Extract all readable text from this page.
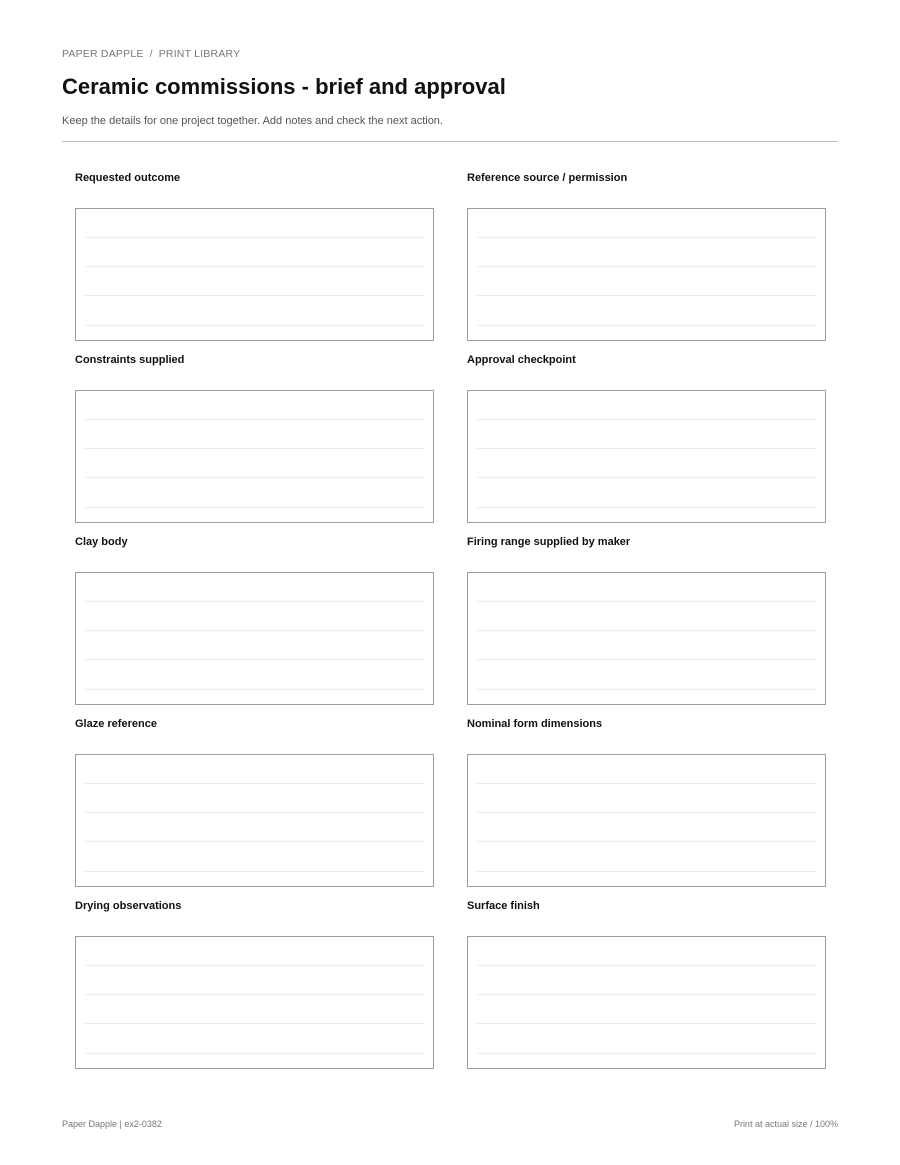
PAPER DAPPLE / PRINT LIBRARY
Ceramic commissions - brief and approval
Keep the details for one project together. Add notes and check the next action.
Requested outcome	Reference source / permission
Constraints supplied	Approval checkpoint
Clay body	Firing range supplied by maker
Glaze reference	Nominal form dimensions
Drying observations	Surface finish
Paper Dapple | ex2-0382	Print at actual size / 100%
